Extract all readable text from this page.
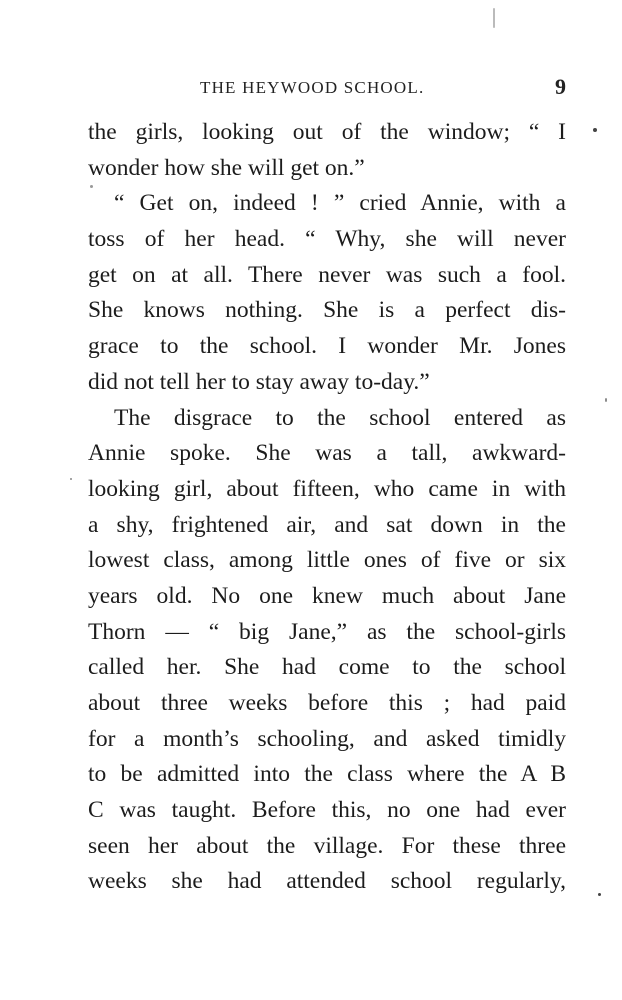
THE HEYWOOD SCHOOL.	9
the girls, looking out of the window; “ I
wonder how she will get on.”
“ Get on, indeed ! ” cried Annie, with a
toss of her head. “ Why, she will never
get on at all. There never was such a fool.
She knows nothing. She is a perfect dis-
grace to the school. I wonder Mr. Jones
did not tell her to stay away to-day.”
The disgrace to the school entered as
Annie spoke. She was a tall, awkward-
looking girl, about fifteen, who came in with
a shy, frightened air, and sat down in the
lowest class, among little ones of five or six
years old. No one knew much about Jane
Thorn — “ big Jane,” as the school-girls
called her. She had come to the school
about three weeks before this ; had paid
for a month’s schooling, and asked timidly
to be admitted into the class where the A B
C was taught. Before this, no one had ever
seen her about the village. For these three
weeks she had attended school regularly,
